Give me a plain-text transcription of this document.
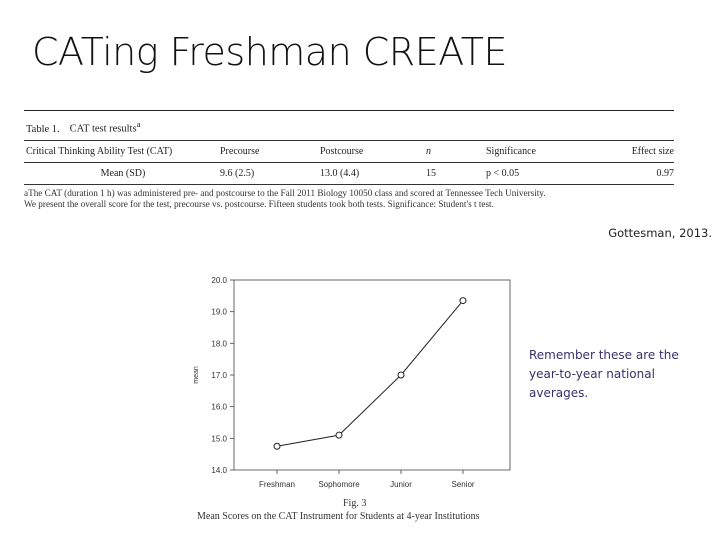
CATing Freshman CREATE
Table 1. CAT test results$^a$
Critical Thinking Ability Test (CAT)	Precourse	Postcourse	n	Significance	Effect size
Mean (SD)	9.6 (2.5)	13.0 (4.4)	15	p < 0.05	0.97
aThe CAT (duration 1 h) was administered pre- and postcourse to the Fall 2011 Biology 10050 class and scored at Tennessee Tech University.
We present the overall score for the test, precourse vs. postcourse. Fifteen students took both tests. Significance: Student's t test.
Gottesman, 2013.
14.0
15.0
16.0
17.0
18.0
19.0
20.0
Freshman	Sophomore	Junior	Senior
mean
Remember these are the year-to-year national averages.
Fig. 3
Mean Scores on the CAT Instrument for Students at 4-year Institutions
